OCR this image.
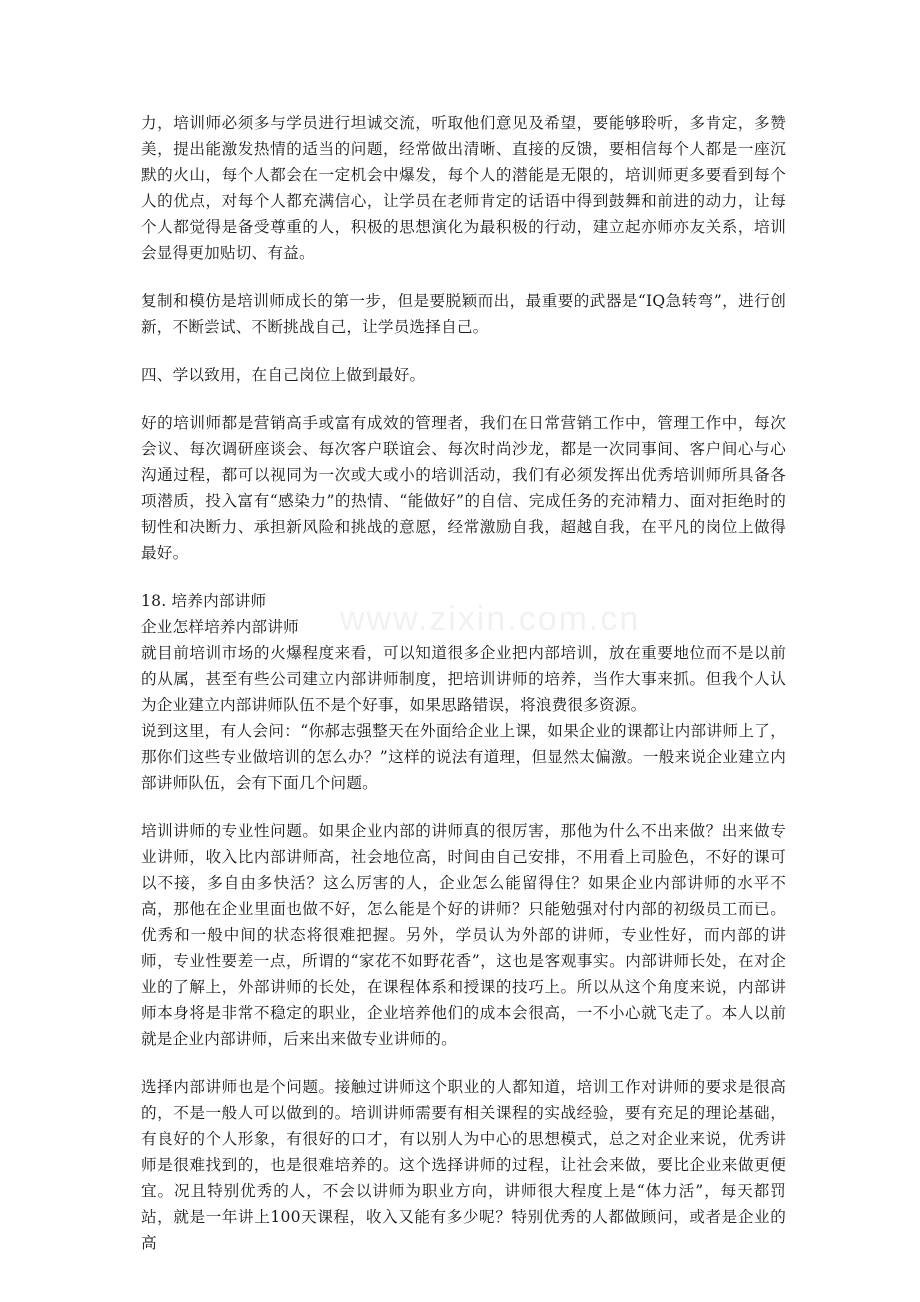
www.zixin.com.cn

力，培训师必须多与学员进行坦诚交流，听取他们意见及希望，要能够聆听，多肯定，多赞美，提出能激发热情的适当的问题，经常做出清晰、直接的反馈，要相信每个人都是一座沉默的火山，每个人都会在一定机会中爆发，每个人的潜能是无限的，培训师更多要看到每个人的优点，对每个人都充满信心，让学员在老师肯定的话语中得到鼓舞和前进的动力，让每个人都觉得是备受尊重的人，积极的思想演化为最积极的行动，建立起亦师亦友关系，培训会显得更加贴切、有益。

复制和模仿是培训师成长的第一步，但是要脱颖而出，最重要的武器是“IQ急转弯”，进行创新，不断尝试、不断挑战自己，让学员选择自己。

四、学以致用，在自己岗位上做到最好。

好的培训师都是营销高手或富有成效的管理者，我们在日常营销工作中，管理工作中，每次会议、每次调研座谈会、每次客户联谊会、每次时尚沙龙，都是一次同事间、客户间心与心沟通过程，都可以视同为一次或大或小的培训活动，我们有必须发挥出优秀培训师所具备各项潜质，投入富有“感染力”的热情、“能做好”的自信、完成任务的充沛精力、面对拒绝时的韧性和决断力、承担新风险和挑战的意愿，经常激励自我，超越自我，在平凡的岗位上做得最好。

18. 培养内部讲师

企业怎样培养内部讲师

就目前培训市场的火爆程度来看，可以知道很多企业把内部培训，放在重要地位而不是以前的从属，甚至有些公司建立内部讲师制度，把培训讲师的培养，当作大事来抓。但我个人认为企业建立内部讲师队伍不是个好事，如果思路错误，将浪费很多资源。

说到这里，有人会问：“你郝志强整天在外面给企业上课，如果企业的课都让内部讲师上了，那你们这些专业做培训的怎么办？”这样的说法有道理，但显然太偏激。一般来说企业建立内部讲师队伍，会有下面几个问题。

培训讲师的专业性问题。如果企业内部的讲师真的很厉害，那他为什么不出来做？出来做专业讲师，收入比内部讲师高，社会地位高，时间由自己安排，不用看上司脸色，不好的课可以不接，多自由多快活？这么厉害的人，企业怎么能留得住？如果企业内部讲师的水平不高，那他在企业里面也做不好，怎么能是个好的讲师？只能勉强对付内部的初级员工而已。优秀和一般中间的状态将很难把握。另外，学员认为外部的讲师，专业性好，而内部的讲师，专业性要差一点，所谓的“家花不如野花香”，这也是客观事实。内部讲师长处，在对企业的了解上，外部讲师的长处，在课程体系和授课的技巧上。所以从这个角度来说，内部讲师本身将是非常不稳定的职业，企业培养他们的成本会很高，一不小心就飞走了。本人以前就是企业内部讲师，后来出来做专业讲师的。

选择内部讲师也是个问题。接触过讲师这个职业的人都知道，培训工作对讲师的要求是很高的，不是一般人可以做到的。培训讲师需要有相关课程的实战经验，要有充足的理论基础，有良好的个人形象，有很好的口才，有以别人为中心的思想模式，总之对企业来说，优秀讲师是很难找到的，也是很难培养的。这个选择讲师的过程，让社会来做，要比企业来做更便宜。况且特别优秀的人，不会以讲师为职业方向，讲师很大程度上是“体力活”，每天都罚站，就是一年讲上100天课程，收入又能有多少呢？特别优秀的人都做顾问，或者是企业的高
